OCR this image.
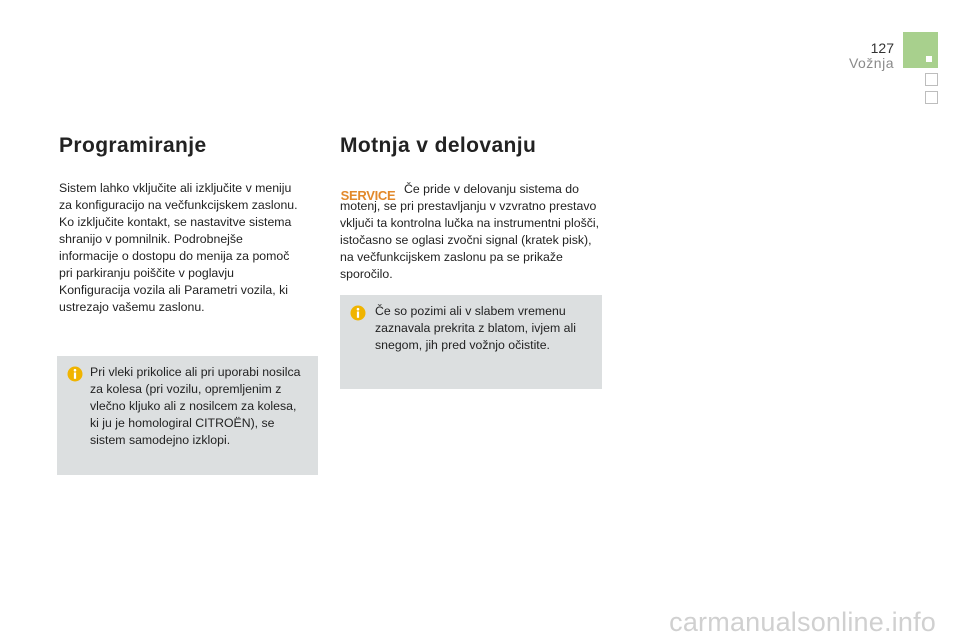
127
Vožnja
Programiranje

Sistem lahko vključite ali izključite v meniju za konfiguracijo na večfunkcijskem zaslonu. Ko izključite kontakt, se nastavitve sistema shranijo v pomnilnik. Podrobnejše informacije o dostopu do menija za pomoč pri parkiranju poiščite v poglavju Konfiguracija vozila ali Parametri vozila, ki ustrezajo vašemu zaslonu.

Pri vleki prikolice ali pri uporabi nosilca za kolesa (pri vozilu, opremljenim z vlečno kljuko ali z nosilcem za kolesa, ki ju je homologiral CITROËN), se sistem samodejno izklopi.

Motnja v delovanju
SERVICE Če pride v delovanju sistema do motenj, se pri prestavljanju v vzvratno prestavo vključi ta kontrolna lučka na instrumentni plošči, istočasno se oglasi zvočni signal (kratek pisk), na večfunkcijskem zaslonu pa se prikaže sporočilo.

Če so pozimi ali v slabem vremenu zaznavala prekrita z blatom, ivjem ali snegom, jih pred vožnjo očistite.

carmanualsonline.info
